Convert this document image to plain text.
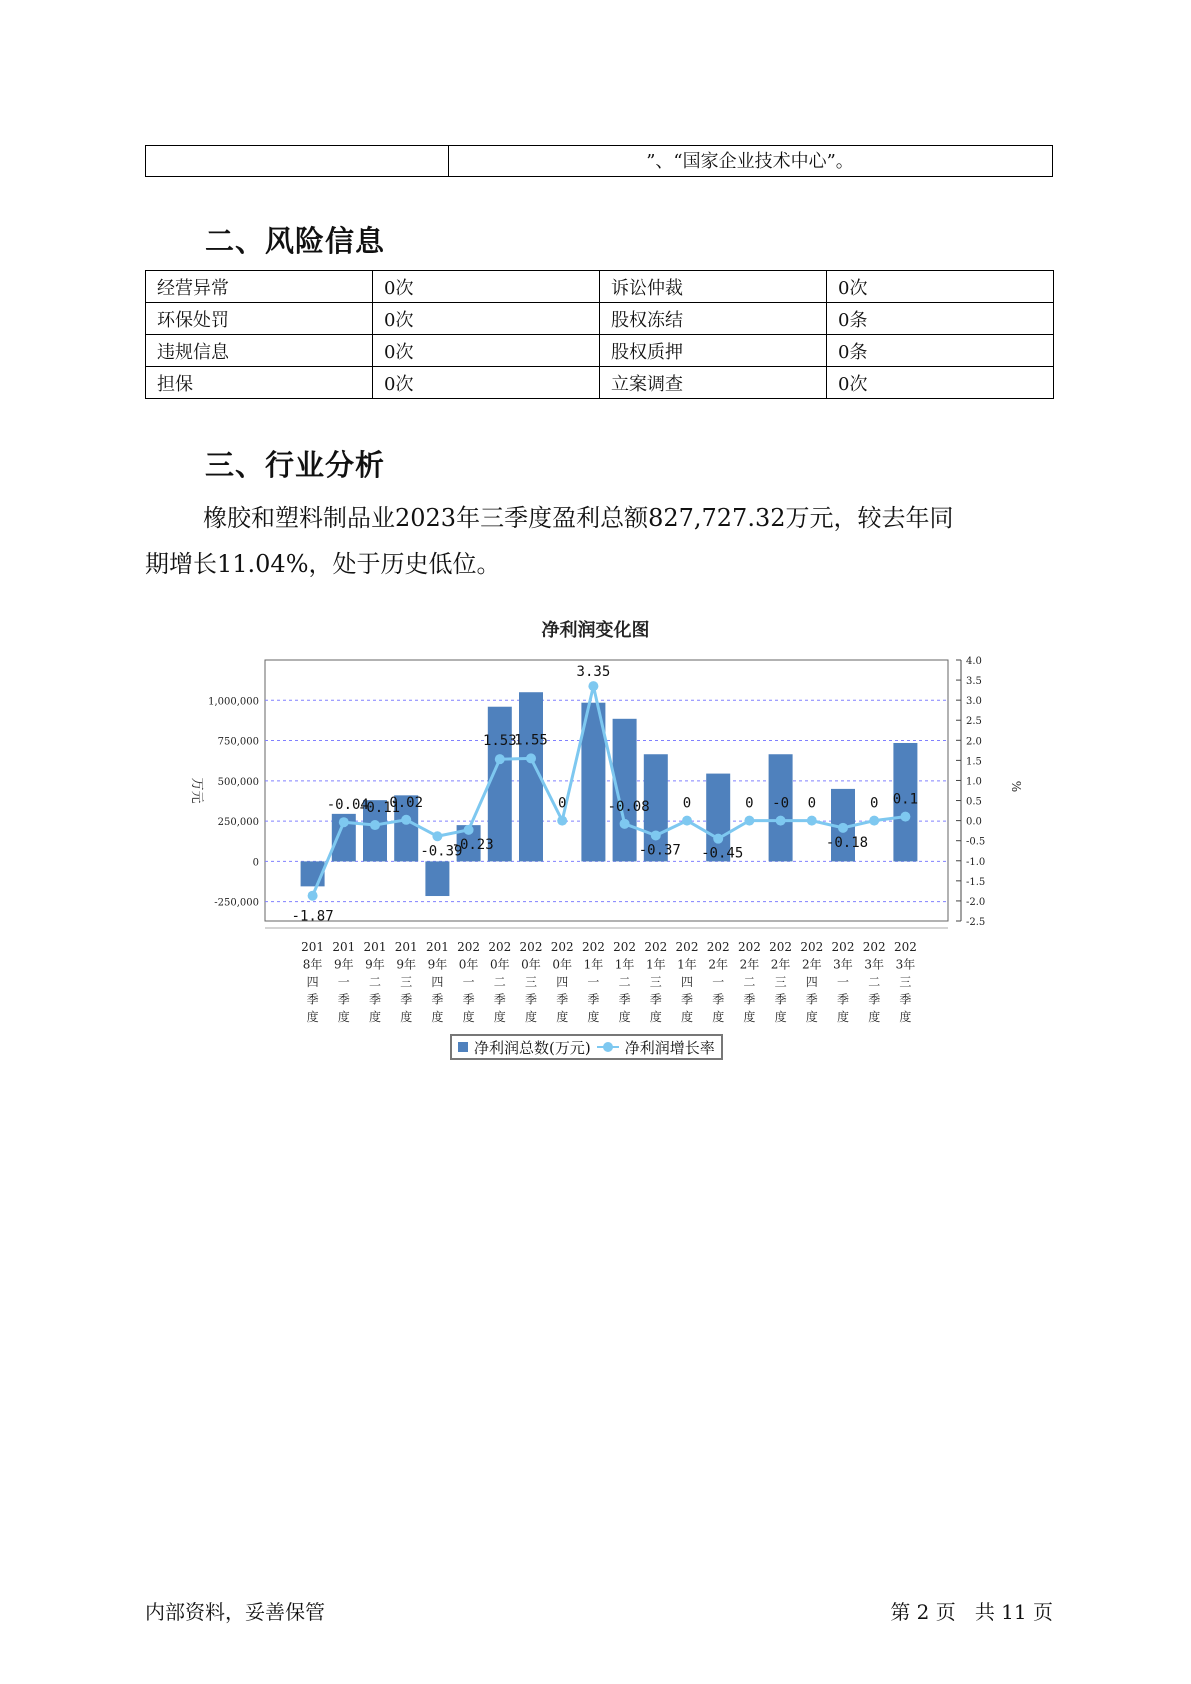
”、“国家企业技术中心”。
二、风险信息
经营异常	0次	诉讼仲裁	0次
环保处罚	0次	股权冻结	0条
违规信息	0次	股权质押	0条
担保	0次	立案调查	0次
三、行业分析

橡胶和塑料制品业2023年三季度盈利总额827,727.32万元，较去年同

期增长11.04%，处于历史低位。

净利润变化图
-250,000
0
250,000
500,000
750,000
1,000,000
万元
4.0
3.5
3.0
2.5
2.0
1.5
1.0
0.5
0.0
-0.5
-1.0
-1.5
-2.0
-2.5
%
-1.87
-0.04
-0.11
0.02
-0.39
-0.23
1.53
1.55
0
3.35
-0.08
-0.37
0
-0.45
0 -0 0
-0.18
0 0.1
201
8年
四
季
度
201
9年
一
季
度
201
9年
二
季
度
201
9年
三
季
度
201
9年
四
季
度
202
0年
一
季
度
202
0年
二
季
度
202
0年
三
季
度
202
0年
四
季
度
202
1年
一
季
度
202
1年
二
季
度
202
1年
三
季
度
202
1年
四
季
度
202
2年
一
季
度
202
2年
二
季
度
202
2年
三
季
度
202
2年
四
季
度
202
3年
一
季
度
202
3年
二
季
度
202
3年
三
季
度
净利润总数(万元) 净利润增长率
内部资料，妥善保管	第 2 页   共 11 页
